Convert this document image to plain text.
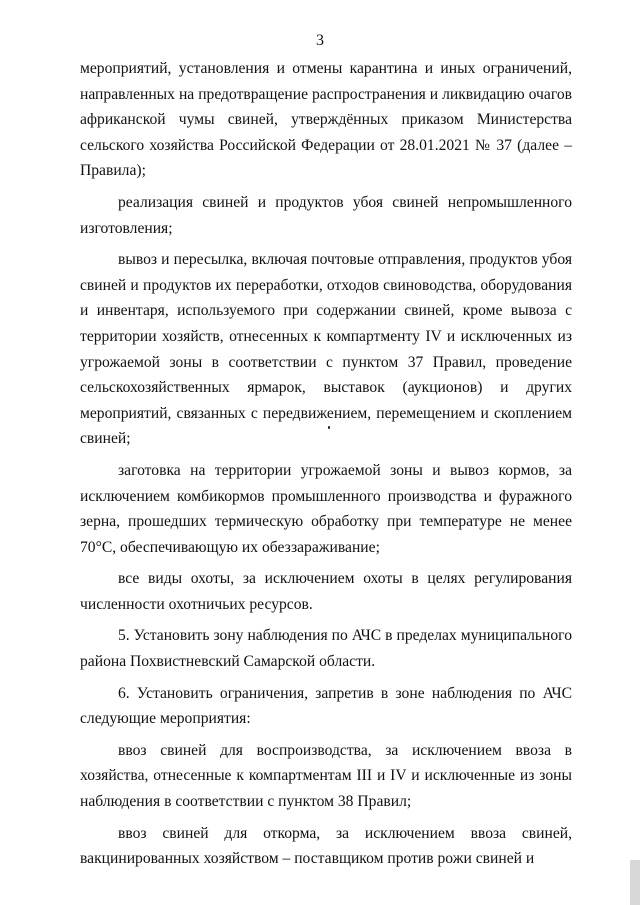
3

мероприятий, установления и отмены карантина и иных ограничений, направленных на предотвращение распространения и ликвидацию очагов африканской чумы свиней, утверждённых приказом Министерства сельского хозяйства Российской Федерации от 28.01.2021 № 37 (далее – Правила);

реализация свиней и продуктов убоя свиней непромышленного изготовления;

вывоз и пересылка, включая почтовые отправления, продуктов убоя свиней и продуктов их переработки, отходов свиноводства, оборудования и инвентаря, используемого при содержании свиней, кроме вывоза с территории хозяйств, отнесенных к компартменту IV и исключенных из угрожаемой зоны в соответствии с пунктом 37 Правил, проведение сельскохозяйственных ярмарок, выставок (аукционов) и других мероприятий, связанных с передвижением, перемещением и скоплением свиней;

заготовка на территории угрожаемой зоны и вывоз кормов, за исключением комбикормов промышленного производства и фуражного зерна, прошедших термическую обработку при температуре не менее 70°С, обеспечивающую их обеззараживание;

все виды охоты, за исключением охоты в целях регулирования численности охотничьих ресурсов.

5. Установить зону наблюдения по АЧС в пределах муниципального района Похвистневский Самарской области.

6. Установить ограничения, запретив в зоне наблюдения по АЧС следующие мероприятия:

ввоз свиней для воспроизводства, за исключением ввоза в хозяйства, отнесенные к компартментам III и IV и исключенные из зоны наблюдения в соответствии с пунктом 38 Правил;

ввоз свиней для откорма, за исключением ввоза свиней, вакцинированных хозяйством – поставщиком против рожи свиней и
